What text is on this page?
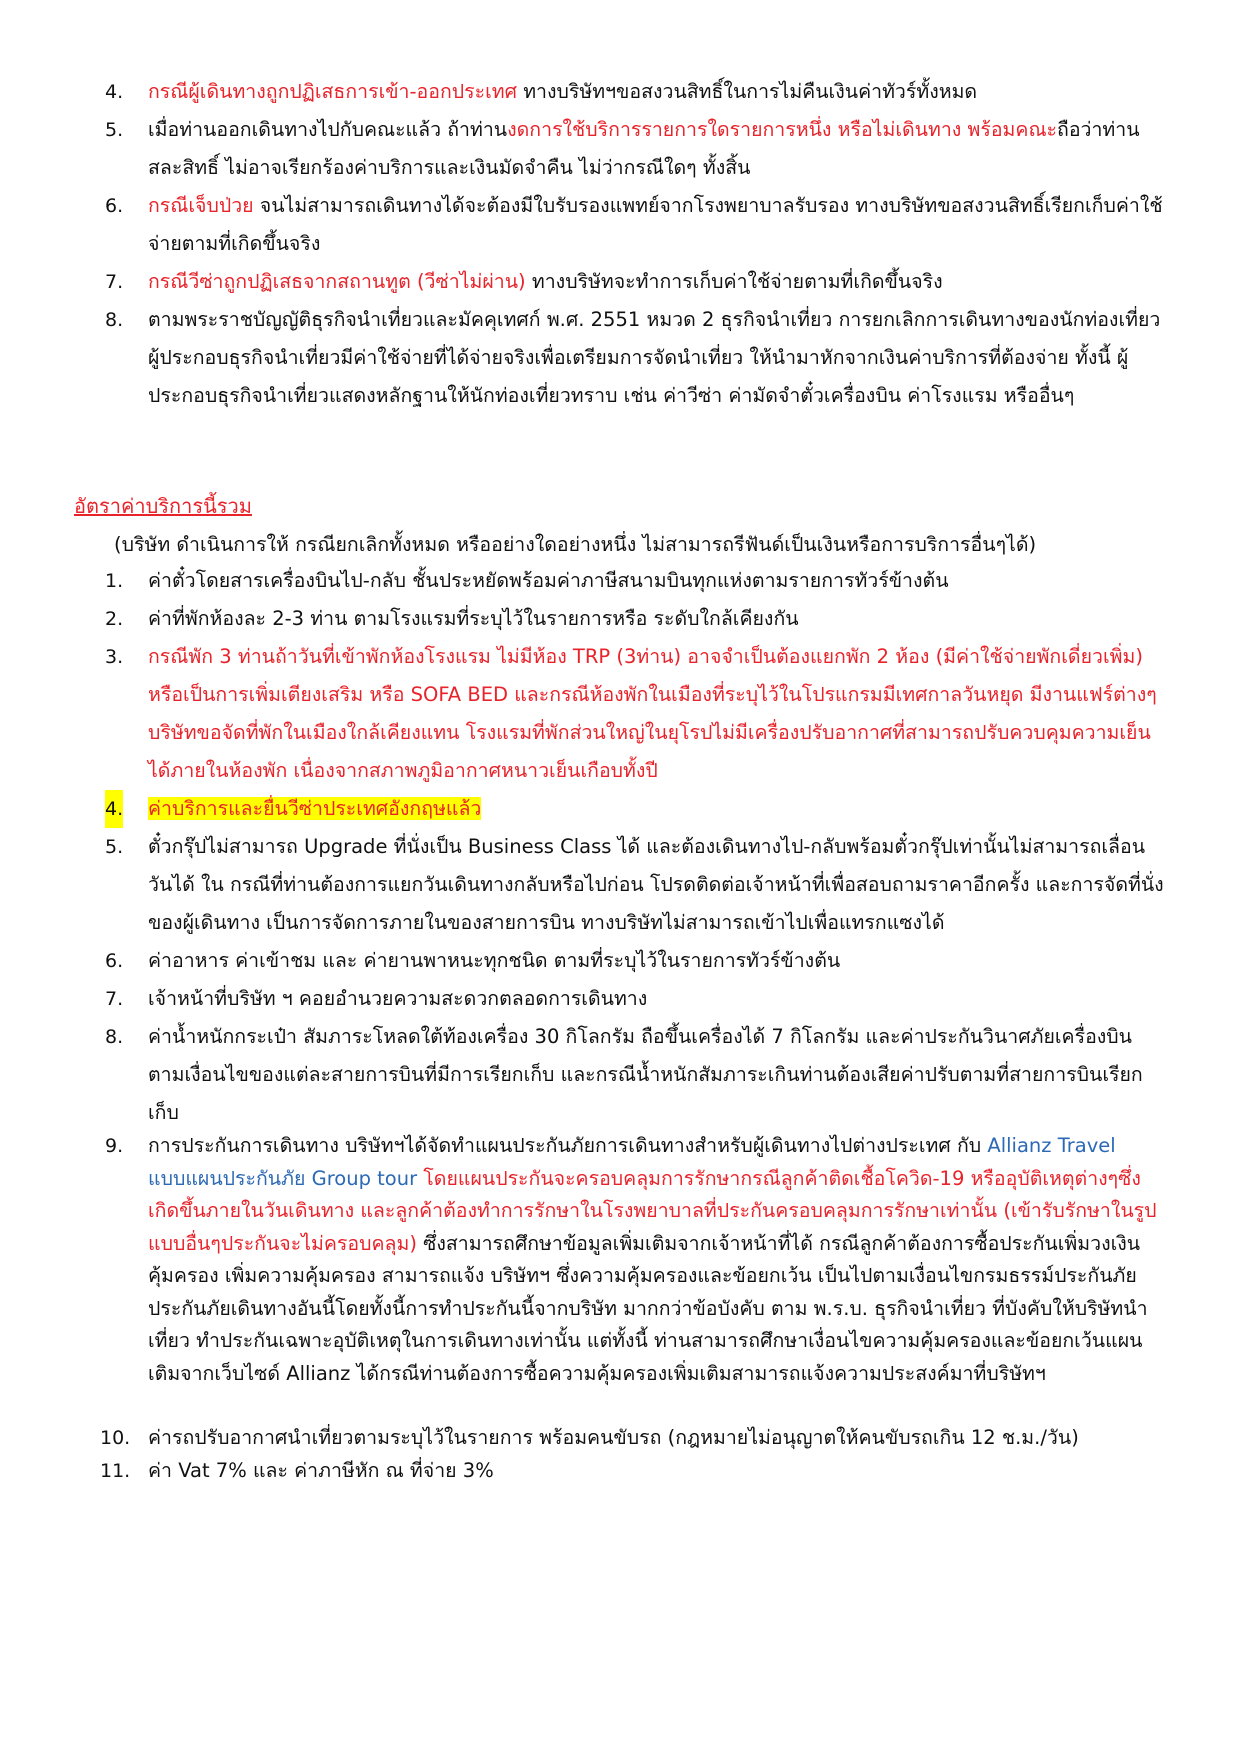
4. กรณีผู้เดินทางถูกปฏิเสธการเข้า-ออกประเทศ ทางบริษัทฯขอสงวนสิทธิ์ในการไม่คืนเงินค่าทัวร์ทั้งหมด
5. เมื่อท่านออกเดินทางไปกับคณะแล้ว ถ้าท่านงดการใช้บริการรายการใดรายการหนึ่ง หรือไม่เดินทาง พร้อมคณะถือว่าท่านสละสิทธิ์ ไม่อาจเรียกร้องค่าบริการและเงินมัดจำคืน ไม่ว่ากรณีใดๆ ทั้งสิ้น
6. กรณีเจ็บป่วย จนไม่สามารถเดินทางได้จะต้องมีใบรับรองแพทย์จากโรงพยาบาลรับรอง ทางบริษัทขอสงวนสิทธิ์เรียกเก็บค่าใช้จ่ายตามที่เกิดขึ้นจริง
7. กรณีวีซ่าถูกปฏิเสธจากสถานทูต (วีซ่าไม่ผ่าน) ทางบริษัทจะทำการเก็บค่าใช้จ่ายตามที่เกิดขึ้นจริง
8. ตามพระราชบัญญัติธุรกิจนำเที่ยวและมัคคุเทศก์ พ.ศ. 2551 หมวด 2 ธุรกิจนำเที่ยว การยกเลิกการเดินทางของนักท่องเที่ยว ผู้ประกอบธุรกิจนำเที่ยวมีค่าใช้จ่ายที่ได้จ่ายจริงเพื่อเตรียมการจัดนำเที่ยว ให้นำมาหักจากเงินค่าบริการที่ต้องจ่าย ทั้งนี้ ผู้ประกอบธุรกิจนำเที่ยวแสดงหลักฐานให้นักท่องเที่ยวทราบ เช่น ค่าวีซ่า ค่ามัดจำตั๋วเครื่องบิน ค่าโรงแรม หรืออื่นๆ
อัตราค่าบริการนี้รวม
(บริษัท ดำเนินการให้ กรณียกเลิกทั้งหมด หรืออย่างใดอย่างหนึ่ง ไม่สามารถรีฟันด์เป็นเงินหรือการบริการอื่นๆได้)
1. ค่าตั๋วโดยสารเครื่องบินไป-กลับ ชั้นประหยัดพร้อมค่าภาษีสนามบินทุกแห่งตามรายการทัวร์ข้างต้น
2. ค่าที่พักห้องละ 2-3 ท่าน ตามโรงแรมที่ระบุไว้ในรายการหรือ ระดับใกล้เคียงกัน
3. กรณีพัก 3 ท่านถ้าวันที่เข้าพักห้องโรงแรม ไม่มีห้อง TRP (3ท่าน) อาจจำเป็นต้องแยกพัก 2 ห้อง (มีค่าใช้จ่ายพักเดี่ยวเพิ่ม) หรือเป็นการเพิ่มเตียงเสริม หรือ SOFA BED และกรณีห้องพักในเมืองที่ระบุไว้ในโปรแกรมมีเทศกาลวันหยุด มีงานแฟร์ต่างๆ บริษัทขอจัดที่พักในเมืองใกล้เคียงแทน โรงแรมที่พักส่วนใหญ่ในยุโรปไม่มีเครื่องปรับอากาศที่สามารถปรับควบคุมความเย็นได้ภายในห้องพัก เนื่องจากสภาพภูมิอากาศหนาวเย็นเกือบทั้งปี
4. ค่าบริการและยื่นวีซ่าประเทศอังกฤษแล้ว
5. ตั๋วกรุ๊ปไม่สามารถ Upgrade ที่นั่งเป็น Business Class ได้ และต้องเดินทางไป-กลับพร้อมตั๋วกรุ๊ปเท่านั้นไม่สามารถเลื่อนวันได้ ใน กรณีที่ท่านต้องการแยกวันเดินทางกลับหรือไปก่อน โปรดติดต่อเจ้าหน้าที่เพื่อสอบถามราคาอีกครั้ง และการจัดที่นั่งของผู้เดินทาง เป็นการจัดการภายในของสายการบิน ทางบริษัทไม่สามารถเข้าไปเพื่อแทรกแซงได้
6. ค่าอาหาร ค่าเข้าชม และ ค่ายานพาหนะทุกชนิด ตามที่ระบุไว้ในรายการทัวร์ข้างต้น
7. เจ้าหน้าที่บริษัท ฯ คอยอำนวยความสะดวกตลอดการเดินทาง
8. ค่าน้ำหนักกระเป๋า สัมภาระโหลดใต้ท้องเครื่อง 30 กิโลกรัม ถือขึ้นเครื่องได้ 7 กิโลกรัม และค่าประกันวินาศภัยเครื่องบินตามเงื่อนไขของแต่ละสายการบินที่มีการเรียกเก็บ และกรณีน้ำหนักสัมภาระเกินท่านต้องเสียค่าปรับตามที่สายการบินเรียกเก็บ
9. การประกันการเดินทาง บริษัทฯได้จัดทำแผนประกันภัยการเดินทางสำหรับผู้เดินทางไปต่างประเทศ กับ Allianz Travel แบบแผนประกันภัย Group tour โดยแผนประกันจะครอบคลุมการรักษากรณีลูกค้าติดเชื้อโควิด-19 หรืออุบัติเหตุต่างๆซึ่งเกิดขึ้นภายในวันเดินทาง และลูกค้าต้องทำการรักษาในโรงพยาบาลที่ประกันครอบคลุมการรักษาเท่านั้น (เข้ารับรักษาในรูปแบบอื่นๆประกันจะไม่ครอบคลุม) ซึ่งสามารถศึกษาข้อมูลเพิ่มเติมจากเจ้าหน้าที่ได้ กรณีลูกค้าต้องการซื้อประกันเพิ่มวงเงินคุ้มครอง เพิ่มความคุ้มครอง สามารถแจ้ง บริษัทฯ ซึ่งความคุ้มครองและข้อยกเว้น เป็นไปตามเงื่อนไขกรมธรรม์ประกันภัย ประกันภัยเดินทางอันนี้โดยทั้งนี้การทำประกันนี้จากบริษัท มากกว่าข้อบังคับ ตาม พ.ร.บ. ธุรกิจนำเที่ยว ที่บังคับให้บริษัทนำเที่ยว ทำประกันเฉพาะอุบัติเหตุในการเดินทางเท่านั้น แต่ทั้งนี้ ท่านสามารถศึกษาเงื่อนไขความคุ้มครองและข้อยกเว้นแผนเติมจากเว็บไซด์ Allianz ได้กรณีท่านต้องการซื้อความคุ้มครองเพิ่มเติมสามารถแจ้งความประสงค์มาที่บริษัทฯ
10. ค่ารถปรับอากาศนำเที่ยวตามระบุไว้ในรายการ พร้อมคนขับรถ (กฎหมายไม่อนุญาตให้คนขับรถเกิน 12 ช.ม./วัน)
11. ค่า Vat 7% และ ค่าภาษีหัก ณ ที่จ่าย 3%
